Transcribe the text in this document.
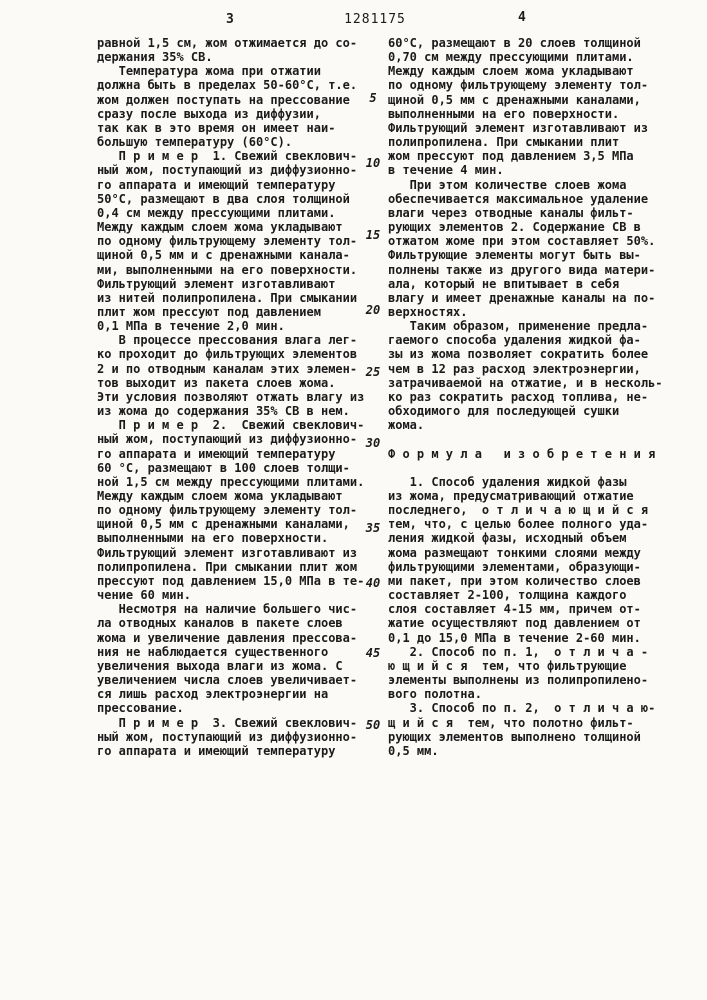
3	1281175	4
равной 1,5 см, жом отжимается до со-
держания 35% СВ.
Температура жома при отжатии
должна быть в пределах 50-60°С, т.е.
жом должен поступать на прессование
сразу после выхода из диффузии,
так как в это время он имеет наи-
большую температуру (60°С).
П р и м е р  1. Свежий свеклович-
ный жом, поступающий из диффузионно-
го аппарата и имеющий температуру
50°С, размещают в два слоя толщиной
0,4 см между прессующими плитами.
Между каждым слоем жома укладывают
по одному фильтрующему элементу тол-
щиной 0,5 мм и с дренажными канала-
ми, выполненными на его поверхности.
Фильтрующий элемент изготавливают
из нитей полипропилена. При смыкании
плит жом прессуют под давлением
0,1 МПа в течение 2,0 мин.
В процессе прессования влага лег-
ко проходит до фильтрующих элементов
2 и по отводным каналам этих элемен-
тов выходит из пакета слоев жома.
Эти условия позволяют отжать влагу из
из жома до содержания 35% СВ в нем.
П р и м е р  2.  Свежий свеклович-
ный жом, поступающий из диффузионно-
го аппарата и имеющий температуру
60 °С, размещают в 100 слоев толщи-
ной 1,5 см между прессующими плитами.
Между каждым слоем жома укладывают
по одному фильтрующему элементу тол-
щиной 0,5 мм с дренажными каналами,
выполненными на его поверхности.
Фильтрующий элемент изготавливают из
полипропилена. При смыкании плит жом
прессуют под давлением 15,0 МПа в те-
чение 60 мин.
Несмотря на наличие большего чис-
ла отводных каналов в пакете слоев
жома и увеличение давления прессова-
ния не наблюдается существенного
увеличения выхода влаги из жома. С
увеличением числа слоев увеличивает-
ся лишь расход электроэнергии на
прессование.
П р и м е р  3. Свежий свеклович-
ный жом, поступающий из диффузионно-
го аппарата и имеющий температуру
60°С, размещают в 20 слоев толщиной
0,70 см между прессующими плитами.
Между каждым слоем жома укладывают
по одному фильтрующему элементу тол-
щиной 0,5 мм с дренажными каналами,
выполненными на его поверхности.
Фильтрующий элемент изготавливают из
полипропилена. При смыкании плит
жом прессуют под давлением 3,5 МПа
в течение 4 мин.
При этом количестве слоев жома
обеспечивается максимальное удаление
влаги через отводные каналы фильт-
рующих элементов 2. Содержание СВ в
отжатом жоме при этом составляет 50%.
Фильтрующие элементы могут быть вы-
полнены также из другого вида матери-
ала, который не впитывает в себя
влагу и имеет дренажные каналы на по-
верхностях.
Таким образом, применение предла-
гаемого способа удаления жидкой фа-
зы из жома позволяет сократить более
чем в 12 раз расход электроэнергии,
затрачиваемой на отжатие, и в несколь-
ко раз сократить расход топлива, не-
обходимого для последующей сушки
жома.

Ф о р м у л а   и з о б р е т е н и я

1. Способ удаления жидкой фазы
из жома, предусматривающий отжатие
последнего,  о т л и ч а ю щ и й с я
тем, что, с целью более полного уда-
ления жидкой фазы, исходный объем
жома размещают тонкими слоями между
фильтрующими элементами, образующи-
ми пакет, при этом количество слоев
составляет 2-100, толщина каждого
слоя составляет 4-15 мм, причем от-
жатие осуществляют под давлением от
0,1 до 15,0 МПа в течение 2-60 мин.
2. Способ по п. 1,  о т л и ч а -
ю щ и й с я  тем, что фильтрующие
элементы выполнены из полипропилено-
вого полотна.
3. Способ по п. 2,  о т л и ч а ю-
щ и й с я  тем, что полотно фильт-
рующих элементов выполнено толщиной
0,5 мм.
5
10
15
20
25
30
35
40
45
50
